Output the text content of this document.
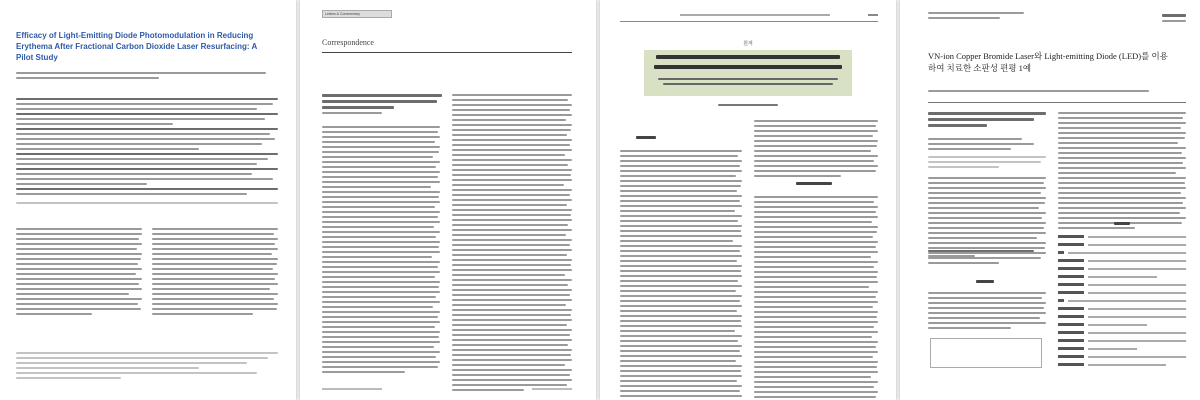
Efficacy of Light-Emitting Diode Photomodulation in Reducing Erythema After Fractional Carbon Dioxide Laser Resurfacing: A Pilot Study
Letters & Commentary
Correspondence	원저
VN-ion Copper Bromide Laser와 Light-emitting Diode (LED)를 이용하여 치료한 소판성 편평 1예
